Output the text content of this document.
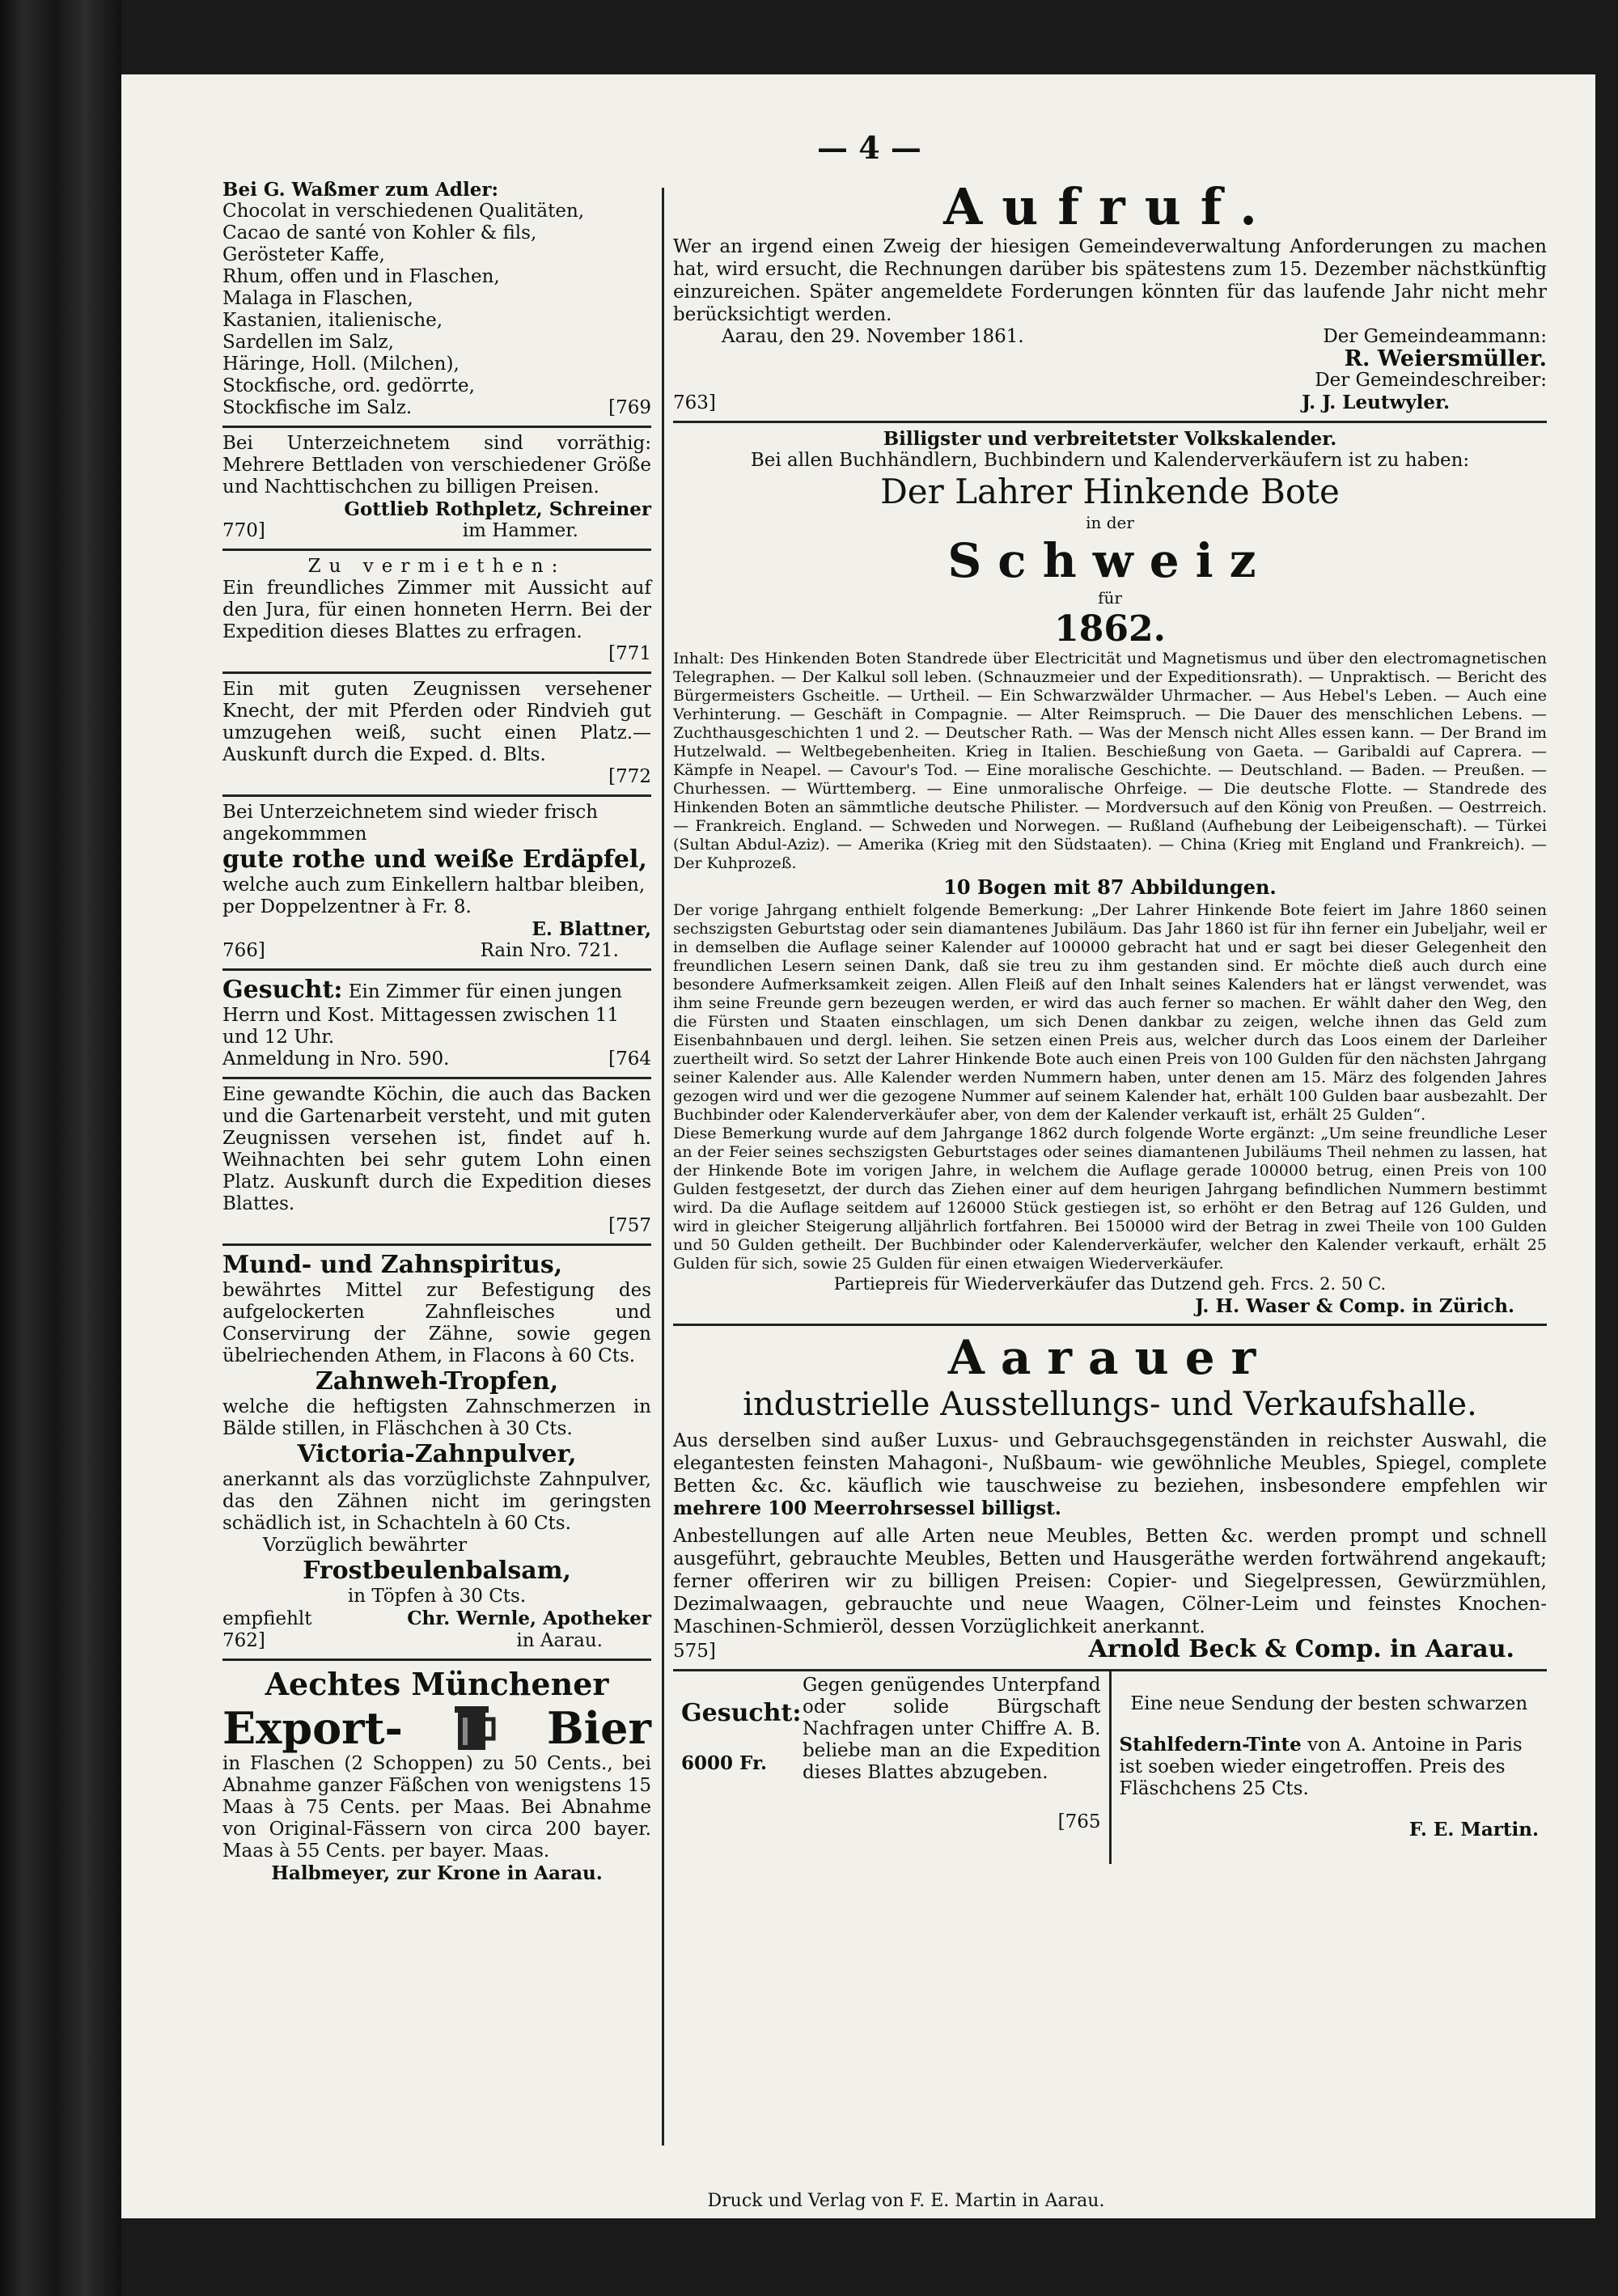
— 4 —

Bei G. Waßmer zum Adler:

Chocolat in verschiedenen Qualitäten,

Cacao de santé von Kohler & fils,

Gerösteter Kaffe,

Rhum, offen und in Flaschen,

Malaga in Flaschen,

Kastanien, italienische,

Sardellen im Salz,

Häringe, Holl. (Milchen),

Stockfische, ord. gedörrte,

Stockfische im Salz.	[769

Bei Unterzeichnetem sind vorräthig: Mehrere Bettladen von verschiedener Größe und Nachttischchen zu billigen Preisen.

Gottlieb Rothpletz, Schreiner

770]	im Hammer.

Zu vermiethen:

Ein freundliches Zimmer mit Aussicht auf den Jura, für einen honneten Herrn. Bei der Expedition dieses Blattes zu erfragen.

[771

Ein mit guten Zeugnissen versehener Knecht, der mit Pferden oder Rindvieh gut umzugehen weiß, sucht einen Platz.— Auskunft durch die Exped. d. Blts.

[772

Bei Unterzeichnetem sind wieder frisch angekommmen

gute rothe und weiße Erdäpfel,

welche auch zum Einkellern haltbar bleiben, per Doppelzentner à Fr. 8.

E. Blattner,

766]	Rain Nro. 721.

Gesucht: Ein Zimmer für einen jungen Herrn und Kost. Mittagessen zwischen 11 und 12 Uhr.

Anmeldung in Nro. 590.	[764

Eine gewandte Köchin, die auch das Backen und die Gartenarbeit versteht, und mit guten Zeugnissen versehen ist, findet auf h. Weihnachten bei sehr gutem Lohn einen Platz. Auskunft durch die Expedition dieses Blattes.

[757

Mund- und Zahnspiritus,

bewährtes Mittel zur Befestigung des aufgelockerten Zahnfleisches und Conservirung der Zähne, sowie gegen übelriechenden Athem, in Flacons à 60 Cts.

Zahnweh-Tropfen,

welche die heftigsten Zahnschmerzen in Bälde stillen, in Fläschchen à 30 Cts.

Victoria-Zahnpulver,

anerkannt als das vorzüglichste Zahnpulver, das den Zähnen nicht im geringsten schädlich ist, in Schachteln à 60 Cts.

Vorzüglich bewährter

Frostbeulenbalsam,

in Töpfen à 30 Cts.

empfiehlt	Chr. Wernle, Apotheker
762]	in Aarau.

Aechtes Münchener

Export-	Bier

in Flaschen (2 Schoppen) zu 50 Cents., bei Abnahme ganzer Fäßchen von wenigstens 15 Maas à 75 Cents. per Maas. Bei Abnahme von Original-Fässern von circa 200 bayer. Maas à 55 Cents. per bayer. Maas.

Halbmeyer, zur Krone in Aarau.

Aufruf.

Wer an irgend einen Zweig der hiesigen Gemeindeverwaltung Anforderungen zu machen hat, wird ersucht, die Rechnungen darüber bis spätestens zum 15. Dezember nächstkünftig einzureichen. Später angemeldete Forderungen könnten für das laufende Jahr nicht mehr berücksichtigt werden.

Aarau, den 29. November 1861.	Der Gemeindeammann:

R. Weiersmüller.

Der Gemeindeschreiber:

763]	J. J. Leutwyler.

Billigster und verbreitetster Volkskalender.

Bei allen Buchhändlern, Buchbindern und Kalenderverkäufern ist zu haben:

Der Lahrer Hinkende Bote

in der

Schweiz

für

1862.

Inhalt: Des Hinkenden Boten Standrede über Electricität und Magnetismus und über den electromagnetischen Telegraphen. — Der Kalkul soll leben. (Schnauzmeier und der Expeditionsrath). — Unpraktisch. — Bericht des Bürgermeisters Gscheitle. — Urtheil. — Ein Schwarzwälder Uhrmacher. — Aus Hebel's Leben. — Auch eine Verhinterung. — Geschäft in Compagnie. — Alter Reimspruch. — Die Dauer des menschlichen Lebens. — Zuchthausgeschichten 1 und 2. — Deutscher Rath. — Was der Mensch nicht Alles essen kann. — Der Brand im Hutzelwald. — Weltbegebenheiten. Krieg in Italien. Beschießung von Gaeta. — Garibaldi auf Caprera. — Kämpfe in Neapel. — Cavour's Tod. — Eine moralische Geschichte. — Deutschland. — Baden. — Preußen. — Churhessen. — Württemberg. — Eine unmoralische Ohrfeige. — Die deutsche Flotte. — Standrede des Hinkenden Boten an sämmtliche deutsche Philister. — Mordversuch auf den König von Preußen. — Oestrreich. — Frankreich. England. — Schweden und Norwegen. — Rußland (Aufhebung der Leibeigenschaft). — Türkei (Sultan Abdul-Aziz). — Amerika (Krieg mit den Südstaaten). — China (Krieg mit England und Frankreich). — Der Kuhprozeß.

10 Bogen mit 87 Abbildungen.

Der vorige Jahrgang enthielt folgende Bemerkung: „Der Lahrer Hinkende Bote feiert im Jahre 1860 seinen sechszigsten Geburtstag oder sein diamantenes Jubiläum. Das Jahr 1860 ist für ihn ferner ein Jubeljahr, weil er in demselben die Auflage seiner Kalender auf 100000 gebracht hat und er sagt bei dieser Gelegenheit den freundlichen Lesern seinen Dank, daß sie treu zu ihm gestanden sind. Er möchte dieß auch durch eine besondere Aufmerksamkeit zeigen. Allen Fleiß auf den Inhalt seines Kalenders hat er längst verwendet, was ihm seine Freunde gern bezeugen werden, er wird das auch ferner so machen. Er wählt daher den Weg, den die Fürsten und Staaten einschlagen, um sich Denen dankbar zu zeigen, welche ihnen das Geld zum Eisenbahnbauen und dergl. leihen. Sie setzen einen Preis aus, welcher durch das Loos einem der Darleiher zuertheilt wird. So setzt der Lahrer Hinkende Bote auch einen Preis von 100 Gulden für den nächsten Jahrgang seiner Kalender aus. Alle Kalender werden Nummern haben, unter denen am 15. März des folgenden Jahres gezogen wird und wer die gezogene Nummer auf seinem Kalender hat, erhält 100 Gulden baar ausbezahlt. Der Buchbinder oder Kalenderverkäufer aber, von dem der Kalender verkauft ist, erhält 25 Gulden“.

Diese Bemerkung wurde auf dem Jahrgange 1862 durch folgende Worte ergänzt: „Um seine freundliche Leser an der Feier seines sechszigsten Geburtstages oder seines diamantenen Jubiläums Theil nehmen zu lassen, hat der Hinkende Bote im vorigen Jahre, in welchem die Auflage gerade 100000 betrug, einen Preis von 100 Gulden festgesetzt, der durch das Ziehen einer auf dem heurigen Jahrgang befindlichen Nummern bestimmt wird. Da die Auflage seitdem auf 126000 Stück gestiegen ist, so erhöht er den Betrag auf 126 Gulden, und wird in gleicher Steigerung alljährlich fortfahren. Bei 150000 wird der Betrag in zwei Theile von 100 Gulden und 50 Gulden getheilt. Der Buchbinder oder Kalenderverkäufer, welcher den Kalender verkauft, erhält 25 Gulden für sich, sowie 25 Gulden für einen etwaigen Wiederverkäufer.

Partiepreis für Wiederverkäufer das Dutzend geh. Frcs. 2. 50 C.

J. H. Waser & Comp. in Zürich.

Aarauer

industrielle Ausstellungs- und Verkaufshalle.

Aus derselben sind außer Luxus- und Gebrauchsgegenständen in reichster Auswahl, die elegantesten feinsten Mahagoni-, Nußbaum- wie gewöhnliche Meubles, Spiegel, complete Betten &c. &c. käuflich wie tauschweise zu beziehen, insbesondere empfehlen wir mehrere 100 Meerrohrsessel billigst.

Anbestellungen auf alle Arten neue Meubles, Betten &c. werden prompt und schnell ausgeführt, gebrauchte Meubles, Betten und Hausgeräthe werden fortwährend angekauft; ferner offeriren wir zu billigen Preisen: Copier- und Siegelpressen, Gewürzmühlen, Dezimalwaagen, gebrauchte und neue Waagen, Cölner-Leim und feinstes Knochen-Maschinen-Schmieröl, dessen Vorzüglichkeit anerkannt.

575]	Arnold Beck & Comp. in Aarau.

Gesucht:

6000 Fr.

Gegen genügendes Unterpfand oder solide Bürgschaft Nachfragen unter Chiffre A. B. beliebe man an die Expedition dieses Blattes abzugeben.

[765

Eine neue Sendung der besten schwarzen

Stahlfedern-Tinte von A. Antoine in Paris ist soeben wieder eingetroffen. Preis des Fläschchens 25 Cts.

F. E. Martin.

Druck und Verlag von F. E. Martin in Aarau.
